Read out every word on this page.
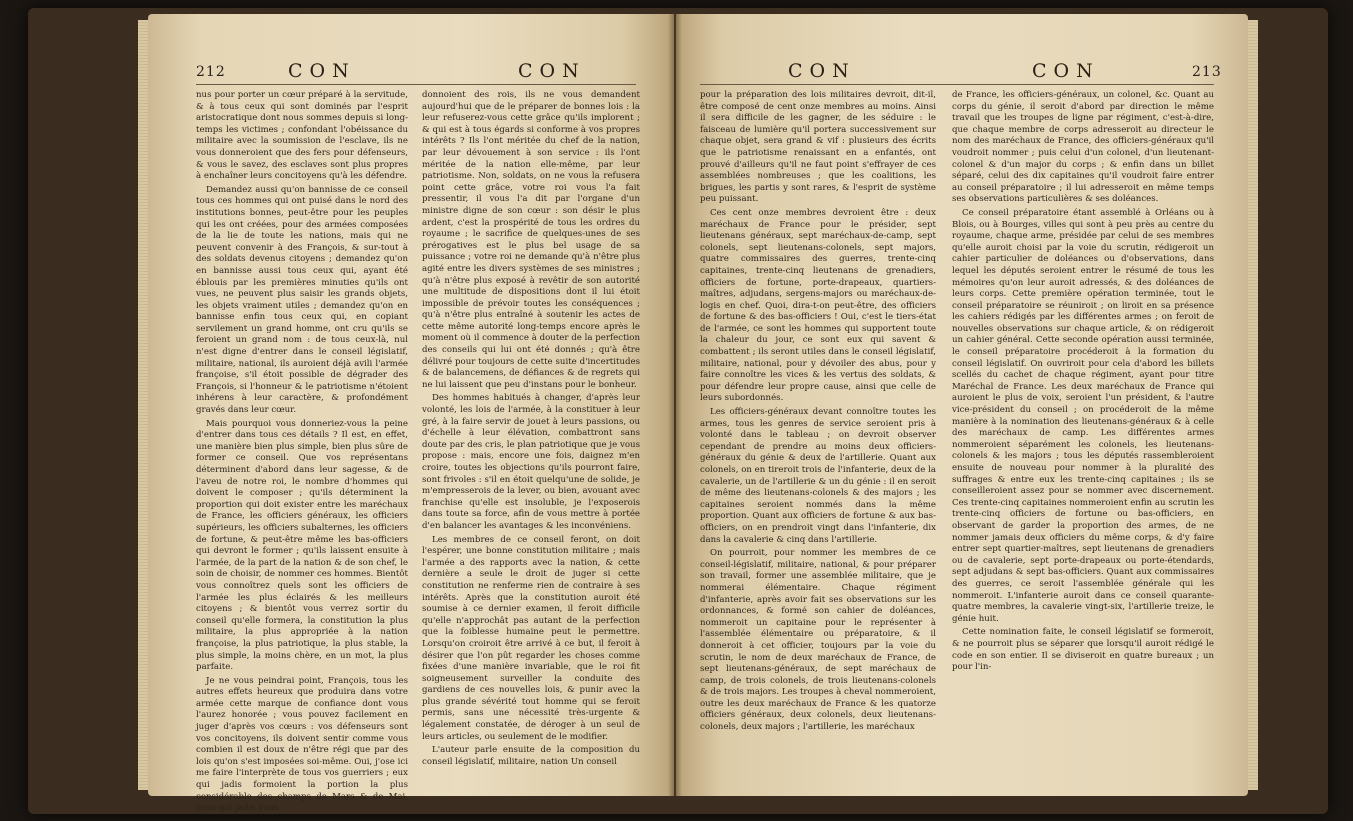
212	CON	CON

nus pour porter un cœur préparé à la servitude, & à tous ceux qui sont dominés par l'esprit aristocratique dont nous sommes depuis si long-temps les victimes ; confondant l'obéissance du militaire avec la soumission de l'esclave, ils ne vous donneroient que des fers pour défenseurs, & vous le savez, des esclaves sont plus propres à enchaîner leurs concitoyens qu'à les défendre.

Demandez aussi qu'on bannisse de ce conseil tous ces hommes qui ont puisé dans le nord des institutions bonnes, peut-être pour les peuples qui les ont créées, pour des armées composées de la lie de toute les nations, mais qui ne peuvent convenir à des François, & sur-tout à des soldats devenus citoyens ; demandez qu'on en bannisse aussi tous ceux qui, ayant été éblouis par les premières minuties qu'ils ont vues, ne peuvent plus saisir les grands objets, les objets vraiment utiles ; demandez qu'on en bannisse enfin tous ceux qui, en copiant servilement un grand homme, ont cru qu'ils se feroient un grand nom : de tous ceux-là, nul n'est digne d'entrer dans le conseil législatif, militaire, national, ils auroient déjà avili l'armée françoise, s'il étoit possible de dégrader des François, si l'honneur & le patriotisme n'étoient inhérens à leur caractère, & profondément gravés dans leur cœur.

Mais pourquoi vous donneriez-vous la peine d'entrer dans tous ces détails ? Il est, en effet, une manière bien plus simple, bien plus sûre de former ce conseil. Que vos représentans déterminent d'abord dans leur sagesse, & de l'aveu de notre roi, le nombre d'hommes qui doivent le composer ; qu'ils déterminent la proportion qui doit exister entre les maréchaux de France, les officiers généraux, les officiers supérieurs, les officiers subalternes, les officiers de fortune, & peut-être même les bas-officiers qui devront le former ; qu'ils laissent ensuite à l'armée, de la part de la nation & de son chef, le soin de choisir, de nommer ces hommes. Bientôt vous connoîtrez quels sont les officiers de l'armée les plus éclairés & les meilleurs citoyens ; & bientôt vous verrez sortir du conseil qu'elle formera, la constitution la plus militaire, la plus appropriée à la nation françoise, la plus patriotique, la plus stable, la plus simple, la moins chère, en un mot, la plus parfaite.

Je ne vous peindrai point, François, tous les autres effets heureux que produira dans votre armée cette marque de confiance dont vous l'aurez honorée ; vous pouvez facilement en juger d'après vos cœurs : vos défenseurs sont vos concitoyens, ils doivent sentir comme vous combien il est doux de n'être régi que par des lois qu'on s'est imposées soi-même. Oui, j'ose ici me faire l'interprète de tous vos guerriers ; eux qui jadis formoient la portion la plus considérable des champs de Mars & de Mai, ceux qui jadis vous

donnoient des rois, ils ne vous demandent aujourd'hui que de le préparer de bonnes lois : la leur refuserez-vous cette grâce qu'ils implorent ; & qui est à tous égards si conforme à vos propres intérêts ? Ils l'ont méritée du chef de la nation, par leur dévouement à son service : ils l'ont méritée de la nation elle-même, par leur patriotisme. Non, soldats, on ne vous la refusera point cette grâce, votre roi vous l'a fait pressentir, il vous l'a dit par l'organe d'un ministre digne de son cœur : son désir le plus ardent, c'est la prospérité de tous les ordres du royaume ; le sacrifice de quelques-unes de ses prérogatives est le plus bel usage de sa puissance ; votre roi ne demande qu'à n'être plus agité entre les divers systèmes de ses ministres ; qu'à n'être plus exposé à revêtir de son autorité une multitude de dispositions dont il lui étoit impossible de prévoir toutes les conséquences ; qu'à n'être plus entraîné à soutenir les actes de cette même autorité long-temps encore après le moment où il commence à douter de la perfection des conseils qui lui ont été donnés ; qu'à être délivré pour toujours de cette suite d'incertitudes & de balancemens, de défiances & de regrets qui ne lui laissent que peu d'instans pour le bonheur.

Des hommes habitués à changer, d'après leur volonté, les lois de l'armée, à la constituer à leur gré, à la faire servir de jouet à leurs passions, ou d'échelle à leur élévation, combattront sans doute par des cris, le plan patriotique que je vous propose : mais, encore une fois, daignez m'en croire, toutes les objections qu'ils pourront faire, sont frivoles : s'il en étoit quelqu'une de solide, je m'empresserois de la lever, ou bien, avouant avec franchise qu'elle est insoluble, je l'exposerois dans toute sa force, afin de vous mettre à portée d'en balancer les avantages & les inconvéniens.

Les membres de ce conseil feront, on doit l'espérer, une bonne constitution militaire ; mais l'armée a des rapports avec la nation, & cette dernière a seule le droit de juger si cette constitution ne renferme rien de contraire à ses intérêts. Après que la constitution auroit été soumise à ce dernier examen, il feroit difficile qu'elle n'approchât pas autant de la perfection que la foiblesse humaine peut le permettre. Lorsqu'on croiroit être arrivé à ce but, il feroit à désirer que l'on pût regarder les choses comme fixées d'une manière invariable, que le roi fit soigneusement surveiller la conduite des gardiens de ces nouvelles lois, & punir avec la plus grande sévérité tout homme qui se feroit permis, sans une nécessité très-urgente & légalement constatée, de déroger à un seul de leurs articles, ou seulement de le modifier.

L'auteur parle ensuite de la composition du conseil législatif, militaire, nation Un conseil

CON	CON	213

pour la préparation des lois militaires devroit, dit-il, être composé de cent onze membres au moins. Ainsi il sera difficile de les gagner, de les séduire : le faisceau de lumière qu'il portera successivement sur chaque objet, sera grand & vif : plusieurs des écrits que le patriotisme renaissant en a enfantés, ont prouvé d'ailleurs qu'il ne faut point s'effrayer de ces assemblées nombreuses ; que les coalitions, les brigues, les partis y sont rares, & l'esprit de système peu puissant.

Ces cent onze membres devroient être : deux maréchaux de France pour le présider, sept lieutenans généraux, sept maréchaux-de-camp, sept colonels, sept lieutenans-colonels, sept majors, quatre commissaires des guerres, trente-cinq capitaines, trente-cinq lieutenans de grenadiers, officiers de fortune, porte-drapeaux, quartiers-maîtres, adjudans, sergens-majors ou maréchaux-de-logis en chef. Quoi, dira-t-on peut-être, des officiers de fortune & des bas-officiers ! Oui, c'est le tiers-état de l'armée, ce sont les hommes qui supportent toute la chaleur du jour, ce sont eux qui savent & combattent ; ils seront utiles dans le conseil législatif, militaire, national, pour y dévoiler des abus, pour y faire connoître les vices & les vertus des soldats, & pour défendre leur propre cause, ainsi que celle de leurs subordonnés.

Les officiers-généraux devant connoître toutes les armes, tous les genres de service seroient pris à volonté dans le tableau ; on devroit observer cependant de prendre au moins deux officiers-généraux du génie & deux de l'artillerie. Quant aux colonels, on en tireroit trois de l'infanterie, deux de la cavalerie, un de l'artillerie & un du génie : il en seroit de même des lieutenans-colonels & des majors ; les capitaines seroient nommés dans la même proportion. Quant aux officiers de fortune & aux bas-officiers, on en prendroit vingt dans l'infanterie, dix dans la cavalerie & cinq dans l'artillerie.

On pourroit, pour nommer les membres de ce conseil-législatif, militaire, national, & pour préparer son travail, former une assemblée militaire, que je nommerai élémentaire. Chaque régiment d'infanterie, après avoir fait ses observations sur les ordonnances, & formé son cahier de doléances, nommeroit un capitaine pour le représenter à l'assemblée élémentaire ou préparatoire, & il donneroit à cet officier, toujours par la voie du scrutin, le nom de deux maréchaux de France, de sept lieutenans-généraux, de sept maréchaux de camp, de trois colonels, de trois lieutenans-colonels & de trois majors. Les troupes à cheval nommeroient, outre les deux maréchaux de France & les quatorze officiers généraux, deux colonels, deux lieutenans-colonels, deux majors ; l'artillerie, les maréchaux

de France, les officiers-généraux, un colonel, &c. Quant au corps du génie, il seroit d'abord par direction le même travail que les troupes de ligne par régiment, c'est-à-dire, que chaque membre de corps adresseroit au directeur le nom des maréchaux de France, des officiers-généraux qu'il voudroit nommer ; puis celui d'un colonel, d'un lieutenant-colonel & d'un major du corps ; & enfin dans un billet séparé, celui des dix capitaines qu'il voudroit faire entrer au conseil préparatoire ; il lui adresseroit en même temps ses observations particulières & ses doléances.

Ce conseil préparatoire étant assemblé à Orléans ou à Blois, ou à Bourges, villes qui sont à peu près au centre du royaume, chaque arme, présidée par celui de ses membres qu'elle auroit choisi par la voie du scrutin, rédigeroit un cahier particulier de doléances ou d'observations, dans lequel les députés seroient entrer le résumé de tous les mémoires qu'on leur auroit adressés, & des doléances de leurs corps. Cette première opération terminée, tout le conseil préparatoire se réuniroit ; on liroit en sa présence les cahiers rédigés par les différentes armes ; on feroit de nouvelles observations sur chaque article, & on rédigeroit un cahier général. Cette seconde opération aussi terminée, le conseil préparatoire procéderoit à la formation du conseil législatif. On ouvriroit pour cela d'abord les billets scellés du cachet de chaque régiment, ayant pour titre Maréchal de France. Les deux maréchaux de France qui auroient le plus de voix, seroient l'un président, & l'autre vice-président du conseil ; on procéderoit de la même manière à la nomination des lieutenans-généraux & à celle des maréchaux de camp. Les différentes armes nommeroient séparément les colonels, les lieutenans-colonels & les majors ; tous les députés rassembleroient ensuite de nouveau pour nommer à la pluralité des suffrages & entre eux les trente-cinq capitaines ; ils se conseilleroient assez pour se nommer avec discernement. Ces trente-cinq capitaines nommeroient enfin au scrutin les trente-cinq officiers de fortune ou bas-officiers, en observant de garder la proportion des armes, de ne nommer jamais deux officiers du même corps, & d'y faire entrer sept quartier-maîtres, sept lieutenans de grenadiers ou de cavalerie, sept porte-drapeaux ou porte-étendards, sept adjudans & sept bas-officiers. Quant aux commissaires des guerres, ce seroit l'assemblée générale qui les nommeroit. L'infanterie auroit dans ce conseil quarante-quatre membres, la cavalerie vingt-six, l'artillerie treize, le génie huit.

Cette nomination faite, le conseil législatif se formeroit, & ne pourroit plus se séparer que lorsqu'il auroit rédigé le code en son entier. Il se diviseroit en quatre bureaux ; un pour l'in-
